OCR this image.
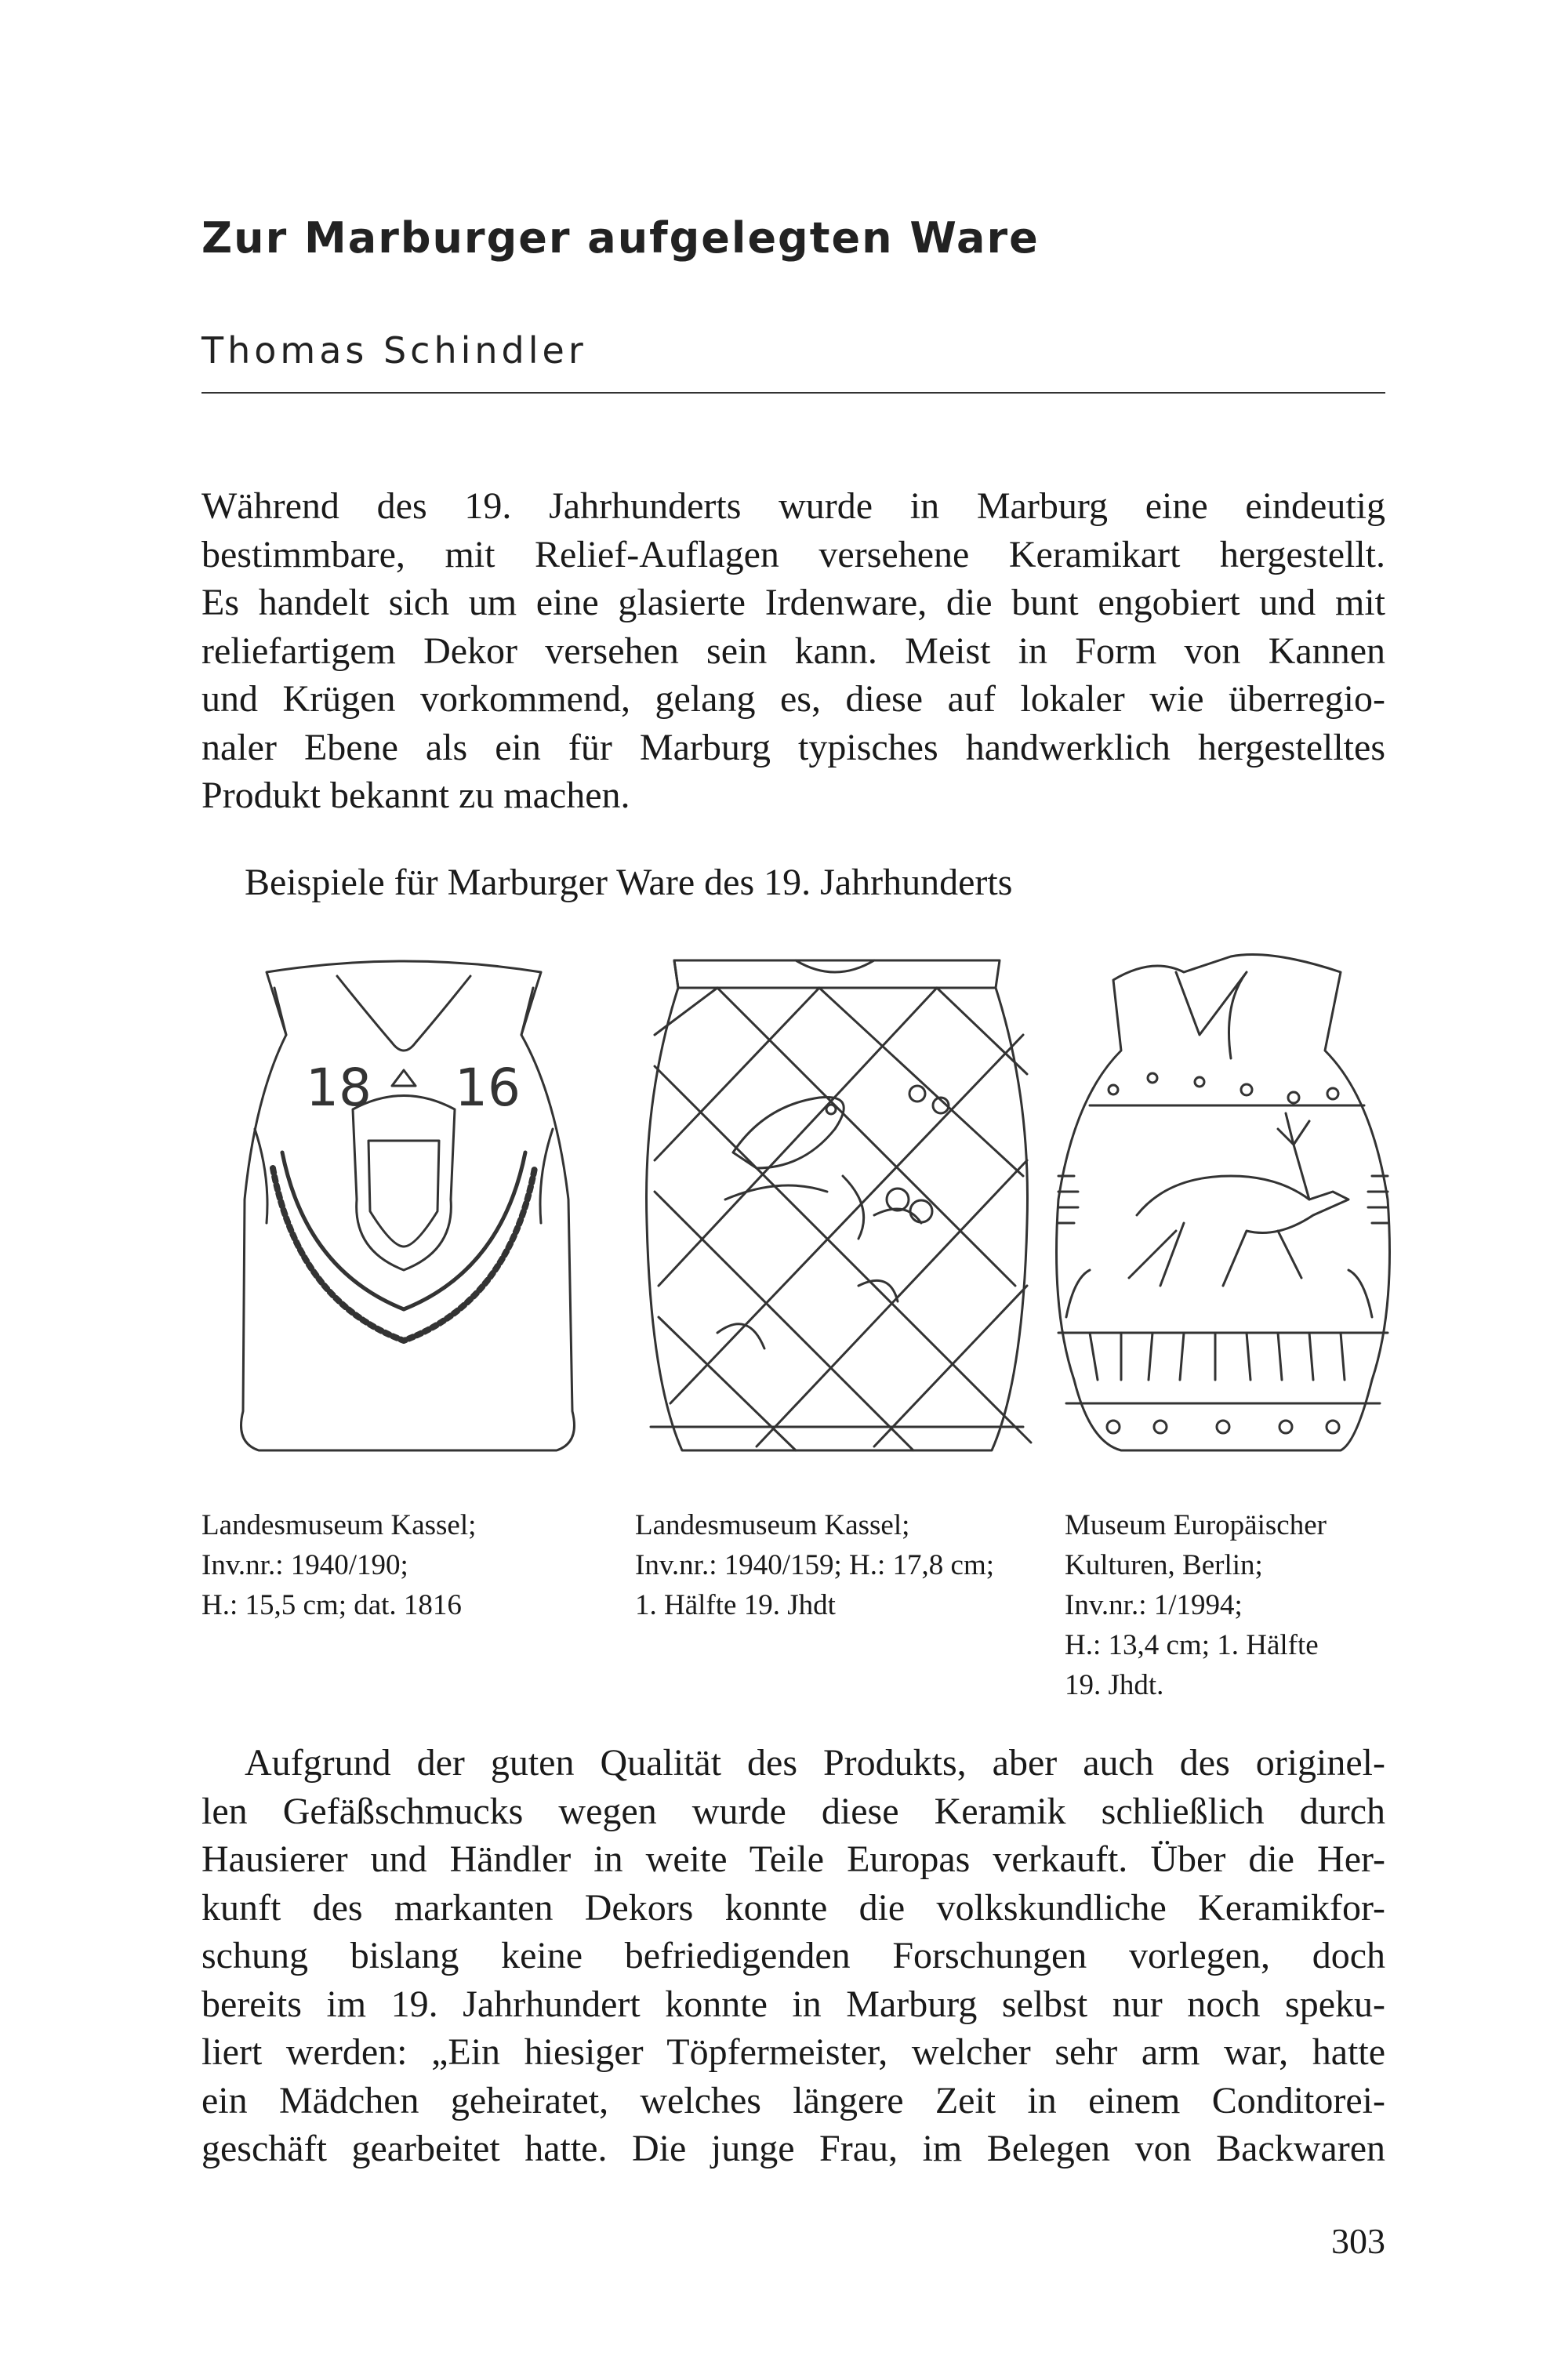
Zur Marburger aufgelegten Ware

Thomas Schindler

Während des 19. Jahrhunderts wurde in Marburg eine eindeutig
bestimmbare, mit Relief-Auflagen versehene Keramikart hergestellt.
Es handelt sich um eine glasierte Irdenware, die bunt engobiert und mit
reliefartigem Dekor versehen sein kann. Meist in Form von Kannen
und Krügen vorkommend, gelang es, diese auf lokaler wie überregio-
naler Ebene als ein für Marburg typisches handwerklich hergestelltes
Produkt bekannt zu machen.

Beispiele für Marburger Ware des 19. Jahrhunderts

18 16

Landesmuseum Kassel;
Inv.nr.: 1940/190;
H.: 15,5 cm; dat. 1816

Landesmuseum Kassel;
Inv.nr.: 1940/159; H.: 17,8 cm;
1. Hälfte 19. Jhdt

Museum Europäischer
Kulturen, Berlin;
Inv.nr.: 1/1994;
H.: 13,4 cm; 1. Hälfte
19. Jhdt.

Aufgrund der guten Qualität des Produkts, aber auch des originel-
len Gefäßschmucks wegen wurde diese Keramik schließlich durch
Hausierer und Händler in weite Teile Europas verkauft. Über die Her-
kunft des markanten Dekors konnte die volkskundliche Keramikfor-
schung bislang keine befriedigenden Forschungen vorlegen, doch
bereits im 19. Jahrhundert konnte in Marburg selbst nur noch speku-
liert werden: „Ein hiesiger Töpfermeister, welcher sehr arm war, hatte
ein Mädchen geheiratet, welches längere Zeit in einem Conditorei-
geschäft gearbeitet hatte. Die junge Frau, im Belegen von Backwaren

303
